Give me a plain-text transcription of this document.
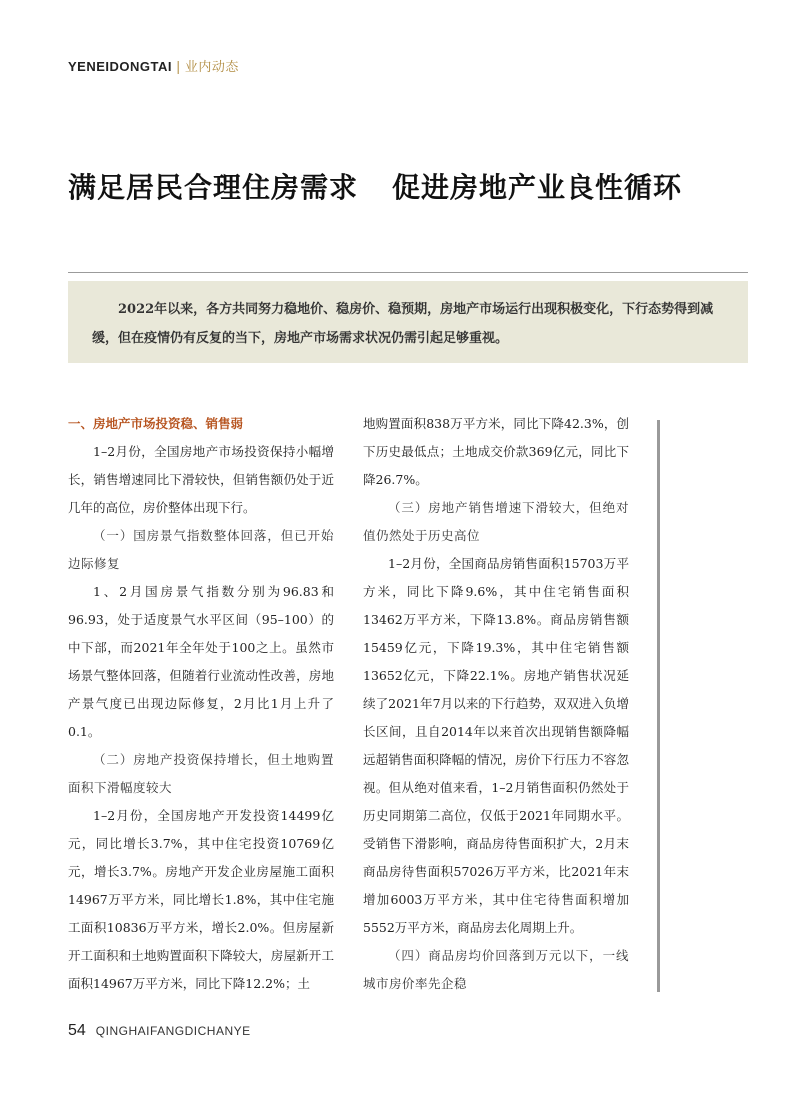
YENEIDONGTAI | 业内动态
满足居民合理住房需求 促进房地产业良性循环

2022年以来，各方共同努力稳地价、稳房价、稳预期，房地产市场运行出现积极变化，下行态势得到减缓，但在疫情仍有反复的当下，房地产市场需求状况仍需引起足够重视。

一、房地产市场投资稳、销售弱

1–2月份，全国房地产市场投资保持小幅增长，销售增速同比下滑较快，但销售额仍处于近几年的高位，房价整体出现下行。

（一）国房景气指数整体回落，但已开始边际修复

1、2月国房景气指数分别为96.83和96.93，处于适度景气水平区间（95–100）的中下部，而2021年全年处于100之上。虽然市场景气整体回落，但随着行业流动性改善，房地产景气度已出现边际修复，2月比1月上升了0.1。

（二）房地产投资保持增长，但土地购置面积下滑幅度较大

1–2月份，全国房地产开发投资14499亿元，同比增长3.7%，其中住宅投资10769亿元，增长3.7%。房地产开发企业房屋施工面积14967万平方米，同比增长1.8%，其中住宅施工面积10836万平方米，增长2.0%。但房屋新开工面积和土地购置面积下降较大，房屋新开工面积14967万平方米，同比下降12.2%；土

地购置面积838万平方米，同比下降42.3%，创下历史最低点；土地成交价款369亿元，同比下降26.7%。

（三）房地产销售增速下滑较大，但绝对值仍然处于历史高位

1–2月份，全国商品房销售面积15703万平方米，同比下降9.6%，其中住宅销售面积13462万平方米，下降13.8%。商品房销售额15459亿元，下降19.3%，其中住宅销售额13652亿元，下降22.1%。房地产销售状况延续了2021年7月以来的下行趋势，双双进入负增长区间，且自2014年以来首次出现销售额降幅远超销售面积降幅的情况，房价下行压力不容忽视。但从绝对值来看，1–2月销售面积仍然处于历史同期第二高位，仅低于2021年同期水平。受销售下滑影响，商品房待售面积扩大，2月末商品房待售面积57026万平方米，比2021年末增加6003万平方米，其中住宅待售面积增加5552万平方米，商品房去化周期上升。

（四）商品房均价回落到万元以下，一线城市房价率先企稳

54 QINGHAIFANGDICHANYE
